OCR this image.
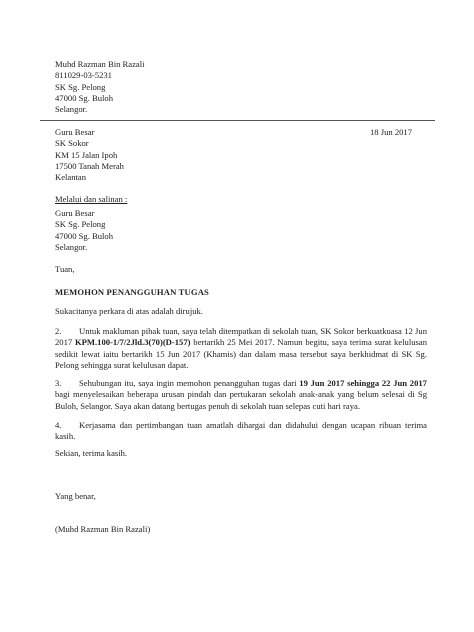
Muhd Razman Bin Razali
811029-03-5231
SK Sg. Pelong
47000 Sg. Buloh
Selangor.
Guru Besar
SK Sokor
KM 15 Jalan Ipoh
17500 Tanah Merah
Kelantan
18 Jun 2017
Melalui dan salinan :
Guru Besar
SK Sg. Pelong
47000 Sg. Buloh
Selangor.
Tuan,
MEMOHON PENANGGUHAN TUGAS
Sukacitanya perkara di atas adalah dirujuk.
2. Untuk makluman pihak tuan, saya telah ditempatkan di sekolah tuan, SK Sokor berkuatkuasa 12 Jun 2017 KPM.100-1/7/2Jld.3(70)(D-157) bertarikh 25 Mei 2017. Namun begitu, saya terima surat kelulusan sedikit lewat iaitu bertarikh 15 Jun 2017 (Khamis) dan dalam masa tersebut saya berkhidmat di SK Sg. Pelong sehingga surat kelulusan dapat.
3. Sehubungan itu, saya ingin memohon penangguhan tugas dari 19 Jun 2017 sehingga 22 Jun 2017 bagi menyelesaikan beberapa urusan pindah dan pertukaran sekolah anak-anak yang belum selesai di Sg Buloh, Selangor. Saya akan datang bertugas penuh di sekolah tuan selepas cuti hari raya.
4. Kerjasama dan pertimbangan tuan amatlah dihargai dan didahului dengan ucapan ribuan terima kasih.
Sekian, terima kasih.
Yang benar,
(Muhd Razman Bin Razali)
